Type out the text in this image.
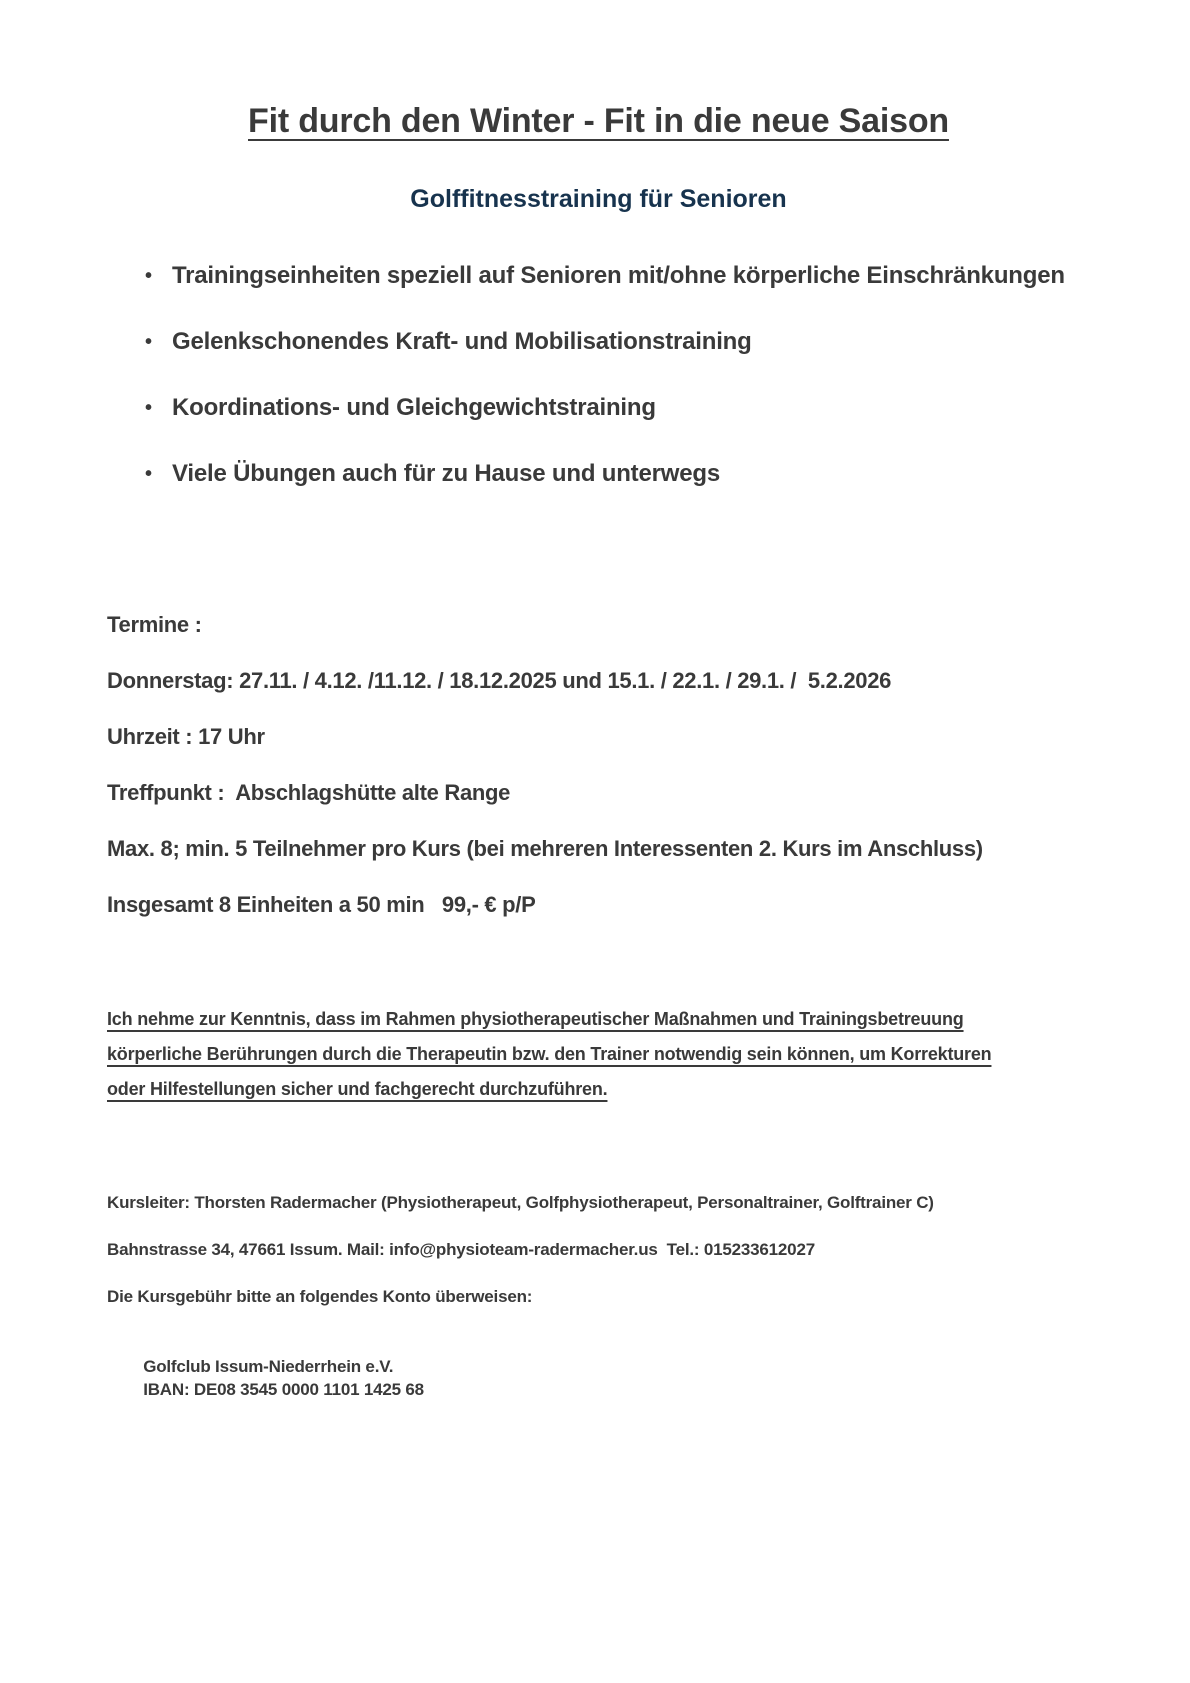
Fit durch den Winter - Fit in die neue Saison
Golffitnesstraining für Senioren
• Trainingseinheiten speziell auf Senioren mit/ohne körperliche Einschränkungen
• Gelenkschonendes Kraft- und Mobilisationstraining
• Koordinations- und Gleichgewichtstraining
• Viele Übungen auch für zu Hause und unterwegs

Termine :

Donnerstag: 27.11. / 4.12. /11.12. / 18.12.2025 und 15.1. / 22.1. / 29.1. /  5.2.2026

Uhrzeit : 17 Uhr

Treffpunkt :  Abschlagshütte alte Range

Max. 8; min. 5 Teilnehmer pro Kurs (bei mehreren Interessenten 2. Kurs im Anschluss)

Insgesamt 8 Einheiten a 50 min   99,- € p/P

Ich nehme zur Kenntnis, dass im Rahmen physiotherapeutischer Maßnahmen und Trainingsbetreuung
körperliche Berührungen durch die Therapeutin bzw. den Trainer notwendig sein können, um Korrekturen
oder Hilfestellungen sicher und fachgerecht durchzuführen.

Kursleiter: Thorsten Radermacher (Physiotherapeut, Golfphysiotherapeut, Personaltrainer, Golftrainer C)

Bahnstrasse 34, 47661 Issum. Mail: info@physioteam-radermacher.us  Tel.: 015233612027

Die Kursgebühr bitte an folgendes Konto überweisen:

Golfclub Issum-Niederrhein e.V.
IBAN: DE08 3545 0000 1101 1425 68
